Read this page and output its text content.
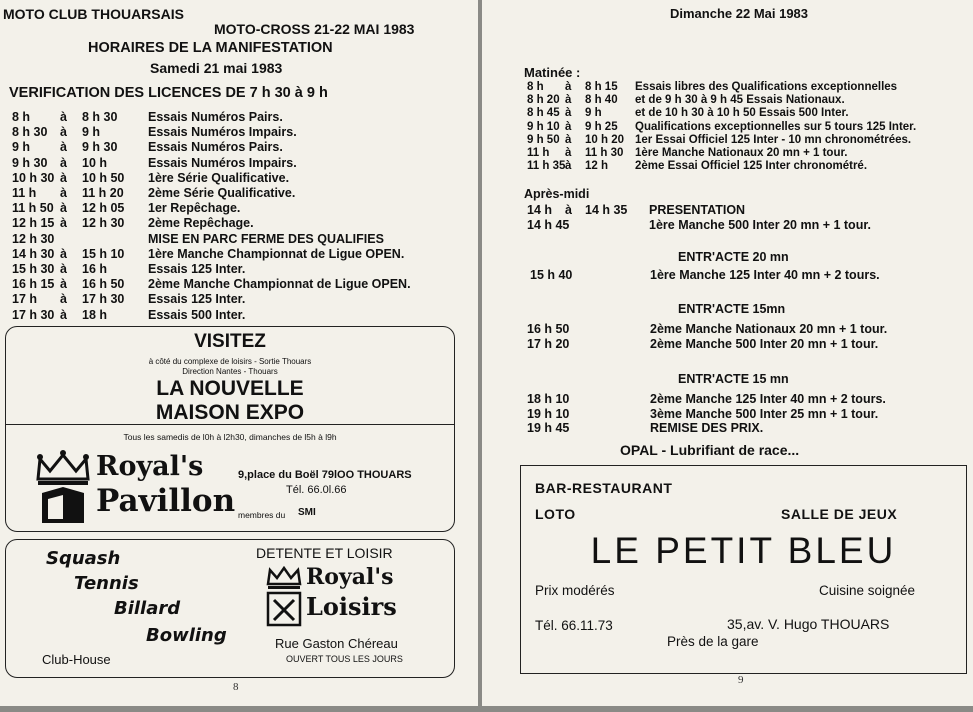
MOTO CLUB THOUARSAIS
MOTO-CROSS 21-22 MAI 1983
HORAIRES DE LA MANIFESTATION
Samedi 21 mai 1983
VERIFICATION DES LICENCES DE 7 h 30 à 9 h
8 h	à	8 h 30	Essais Numéros Pairs.
8 h 30	à	9 h	Essais Numéros Impairs.
9 h	à	9 h 30	Essais Numéros Pairs.
9 h 30	à	10 h	Essais Numéros Impairs.
10 h 30 à	10 h 50	1ère Série Qualificative.
11 h	à	11 h 20	2ème Série Qualificative.
11 h 50 à	12 h 05	1er Repêchage.
12 h 15 à	12 h 30	2ème Repêchage.
12 h 30	MISE EN PARC FERME DES QUALIFIES
14 h 30 à	15 h 10	1ère Manche Championnat de Ligue OPEN.
15 h 30 à	16 h	Essais 125 Inter.
16 h 15 à	16 h 50	2ème Manche Championnat de Ligue OPEN.
17 h	à	17 h 30	Essais 125 Inter.
17 h 30 à	18 h	Essais 500 Inter.
VISITEZ
à côté du complexe de loisirs - Sortie Thouars
Direction Nantes - Thouars
LA NOUVELLE
MAISON EXPO
Tous les samedis de l0h à l2h30, dimanches de l5h à l9h
Royal's
Pavillon
9,place du Boël 79lOO THOUARS
Tél. 66.0l.66
membres du SMI
Squash
Tennis
Billard
Bowling
Club-House
DETENTE ET LOISIR
Royal's
Loisirs
Rue Gaston Chéreau
OUVERT TOUS LES JOURS
8
Dimanche 22 Mai 1983
Matinée :
8 h	à	8 h 15	Essais libres des Qualifications exceptionnelles
8 h 20 à	8 h 40	et de 9 h 30 à 9 h 45 Essais Nationaux.
8 h 45 à	9 h	et de 10 h 30 à 10 h 50 Essais 500 Inter.
9 h 10 à	9 h 25	Qualifications exceptionnelles sur 5 tours 125 Inter.
9 h 50 à	10 h 20 1er Essai Officiel 125 Inter - 10 mn chronométrées.
11 h	à	11 h 30	1ère Manche Nationaux 20 mn + 1 tour.
11 h 35 à	12 h	2ème Essai Officiel 125 Inter chronométré.
Après-midi
14 h	à	14 h 35	PRESENTATION
14 h 45	1ère Manche 500 Inter 20 mn + 1 tour.
ENTR'ACTE 20 mn
15 h 40	1ère Manche 125 Inter 40 mn + 2 tours.
ENTR'ACTE 15mn
16 h 50	2ème Manche Nationaux 20 mn + 1 tour.
17 h 20	2ème Manche 500 Inter 20 mn + 1 tour.
ENTR'ACTE 15 mn
18 h 10	2ème Manche 125 Inter 40 mn + 2 tours.
19 h 10	3ème Manche 500 Inter 25 mn + 1 tour.
19 h 45	REMISE DES PRIX.
OPAL - Lubrifiant de race...
BAR-RESTAURANT
LOTO	SALLE DE JEUX
LE PETIT BLEU
Prix modérés	Cuisine soignée
Tél. 66.11.73	35,av. V. Hugo THOUARS
Près de la gare
9
